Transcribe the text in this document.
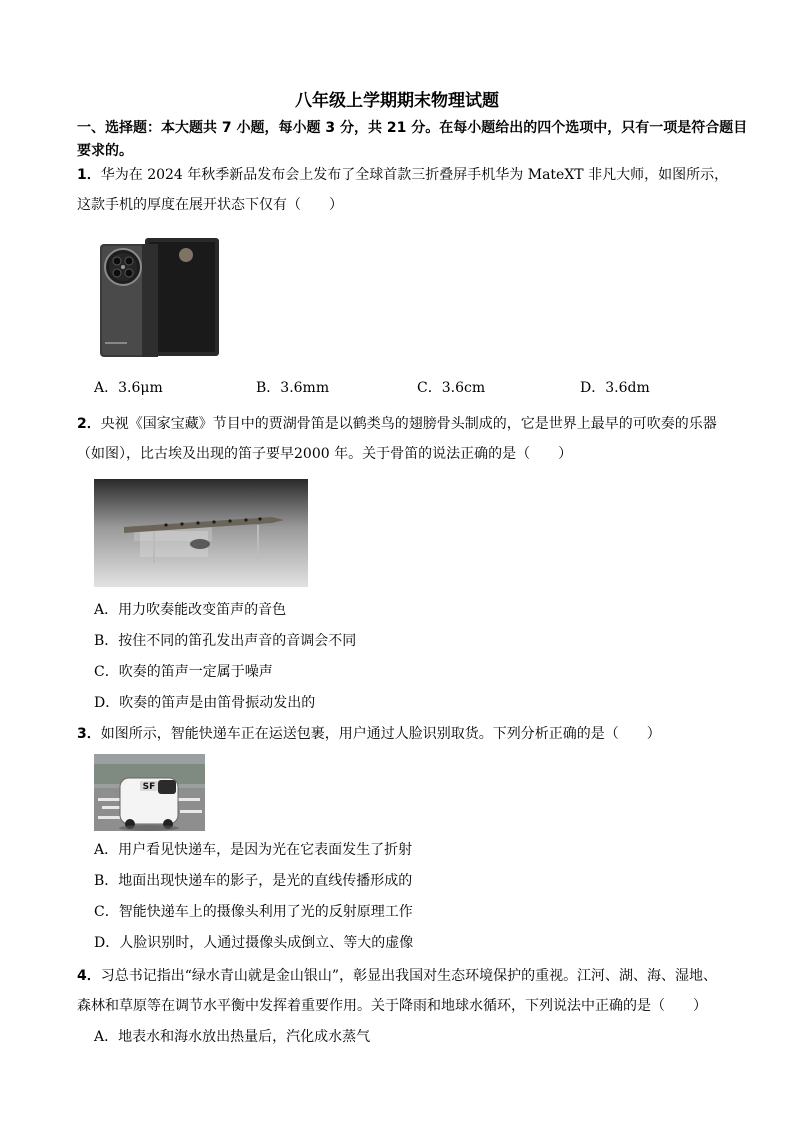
八年级上学期期末物理试题
一、选择题：本大题共 7 小题，每小题 3 分，共 21 分。在每小题给出的四个选项中，只有一项是符合题目要求的。
1．华为在 2024 年秋季新品发布会上发布了全球首款三折叠屏手机华为 MateXT 非凡大师，如图所示，
这款手机的厚度在展开状态下仅有（　　）
A．3.6μm	B．3.6mm	C．3.6cm	D．3.6dm
2．央视《国家宝藏》节目中的贾湖骨笛是以鹤类鸟的翅膀骨头制成的，它是世界上最早的可吹奏的乐器
（如图），比古埃及出现的笛子要早2000 年。关于骨笛的说法正确的是（　　）
A．用力吹奏能改变笛声的音色
B．按住不同的笛孔发出声音的音调会不同
C．吹奏的笛声一定属于噪声
D．吹奏的笛声是由笛骨振动发出的
3．如图所示，智能快递车正在运送包裹，用户通过人脸识别取货。下列分析正确的是（　　）
SF
A．用户看见快递车，是因为光在它表面发生了折射
B．地面出现快递车的影子，是光的直线传播形成的
C．智能快递车上的摄像头利用了光的反射原理工作
D．人脸识别时，人通过摄像头成倒立、等大的虚像
4．习总书记指出“绿水青山就是金山银山”，彰显出我国对生态环境保护的重视。江河、湖、海、湿地、
森林和草原等在调节水平衡中发挥着重要作用。关于降雨和地球水循环，下列说法中正确的是（　　）
A．地表水和海水放出热量后，汽化成水蒸气
